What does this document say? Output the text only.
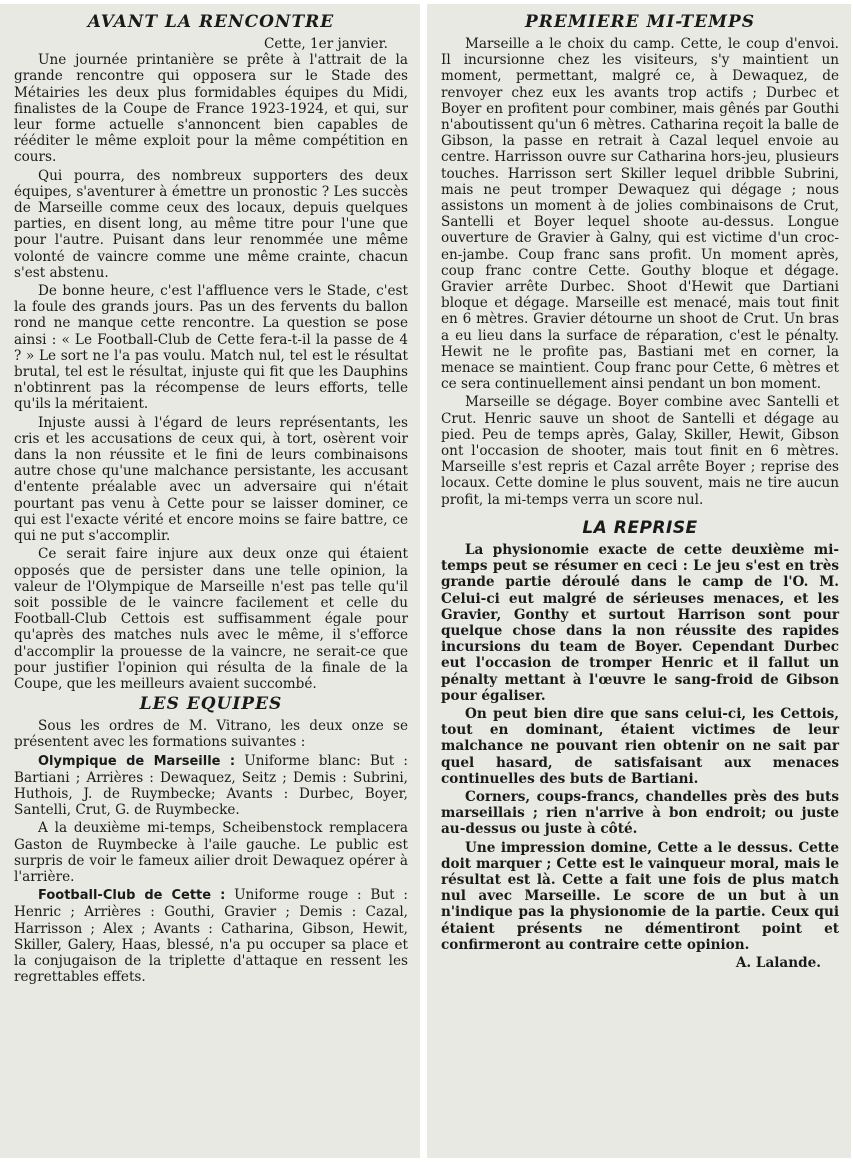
AVANT LA RENCONTRE

Cette, 1er janvier.

Une journée printanière se prête à l'attrait de la grande rencontre qui opposera sur le Stade des Métairies les deux plus formidables équipes du Midi, finalistes de la Coupe de France 1923-1924, et qui, sur leur forme actuelle s'annoncent bien capables de rééditer le même exploit pour la même compétition en cours.

Qui pourra, des nombreux supporters des deux équipes, s'aventurer à émettre un pronostic ? Les succès de Marseille comme ceux des locaux, depuis quelques parties, en disent long, au même titre pour l'une que pour l'autre. Puisant dans leur renommée une même volonté de vaincre comme une même crainte, chacun s'est abstenu.

De bonne heure, c'est l'affluence vers le Stade, c'est la foule des grands jours. Pas un des fervents du ballon rond ne manque cette rencontre. La question se pose ainsi : « Le Football-Club de Cette fera-t-il la passe de 4 ? » Le sort ne l'a pas voulu. Match nul, tel est le résultat brutal, tel est le résultat, injuste qui fit que les Dauphins n'obtinrent pas la récompense de leurs efforts, telle qu'ils la méritaient.

Injuste aussi à l'égard de leurs représentants, les cris et les accusations de ceux qui, à tort, osèrent voir dans la non réussite et le fini de leurs combinaisons autre chose qu'une malchance persistante, les accusant d'entente préalable avec un adversaire qui n'était pourtant pas venu à Cette pour se laisser dominer, ce qui est l'exacte vérité et encore moins se faire battre, ce qui ne put s'accomplir.

Ce serait faire injure aux deux onze qui étaient opposés que de persister dans une telle opinion, la valeur de l'Olympique de Marseille n'est pas telle qu'il soit possible de le vaincre facilement et celle du Football-Club Cettois est suffisamment égale pour qu'après des matches nuls avec le même, il s'efforce d'accomplir la prouesse de la vaincre, ne serait-ce que pour justifier l'opinion qui résulta de la finale de la Coupe, que les meilleurs avaient succombé.

LES EQUIPES

Sous les ordres de M. Vitrano, les deux onze se présentent avec les formations suivantes :

Olympique de Marseille : Uniforme blanc: But : Bartiani ; Arrières : Dewaquez, Seitz ; Demis : Subrini, Huthois, J. de Ruymbecke; Avants : Durbec, Boyer, Santelli, Crut, G. de Ruymbecke.

A la deuxième mi-temps, Scheibenstock remplacera Gaston de Ruymbecke à l'aile gauche. Le public est surpris de voir le fameux ailier droit Dewaquez opérer à l'arrière.

Football-Club de Cette : Uniforme rouge : But : Henric ; Arrières : Gouthi, Gravier ; Demis : Cazal, Harrisson ; Alex ; Avants : Catharina, Gibson, Hewit, Skiller, Galery, Haas, blessé, n'a pu occuper sa place et la conjugaison de la triplette d'attaque en ressent les regrettables effets.

PREMIERE MI-TEMPS

Marseille a le choix du camp. Cette, le coup d'envoi. Il incursionne chez les visiteurs, s'y maintient un moment, permettant, malgré ce, à Dewaquez, de renvoyer chez eux les avants trop actifs ; Durbec et Boyer en profitent pour combiner, mais gênés par Gouthi n'aboutissent qu'un 6 mètres. Catharina reçoit la balle de Gibson, la passe en retrait à Cazal lequel envoie au centre. Harrisson ouvre sur Catharina hors-jeu, plusieurs touches. Harrisson sert Skiller lequel dribble Subrini, mais ne peut tromper Dewaquez qui dégage ; nous assistons un moment à de jolies combinaisons de Crut, Santelli et Boyer lequel shoote au-dessus. Longue ouverture de Gravier à Galny, qui est victime d'un croc-en-jambe. Coup franc sans profit. Un moment après, coup franc contre Cette. Gouthy bloque et dégage. Gravier arrête Durbec. Shoot d'Hewit que Dartiani bloque et dégage. Marseille est menacé, mais tout finit en 6 mètres. Gravier détourne un shoot de Crut. Un bras a eu lieu dans la surface de réparation, c'est le pénalty. Hewit ne le profite pas, Bastiani met en corner, la menace se maintient. Coup franc pour Cette, 6 mètres et ce sera continuellement ainsi pendant un bon moment.

Marseille se dégage. Boyer combine avec Santelli et Crut. Henric sauve un shoot de Santelli et dégage au pied. Peu de temps après, Galay, Skiller, Hewit, Gibson ont l'occasion de shooter, mais tout finit en 6 mètres. Marseille s'est repris et Cazal arrête Boyer ; reprise des locaux. Cette domine le plus souvent, mais ne tire aucun profit, la mi-temps verra un score nul.

LA REPRISE

La physionomie exacte de cette deuxième mi-temps peut se résumer en ceci : Le jeu s'est en très grande partie déroulé dans le camp de l'O. M. Celui-ci eut malgré de sérieuses menaces, et les Gravier, Gonthy et surtout Harrison sont pour quelque chose dans la non réussite des rapides incursions du team de Boyer. Cependant Durbec eut l'occasion de tromper Henric et il fallut un pénalty mettant à l'œuvre le sang-froid de Gibson pour égaliser.

On peut bien dire que sans celui-ci, les Cettois, tout en dominant, étaient victimes de leur malchance ne pouvant rien obtenir on ne sait par quel hasard, de satisfaisant aux menaces continuelles des buts de Bartiani.

Corners, coups-francs, chandelles près des buts marseillais ; rien n'arrive à bon endroit; ou juste au-dessus ou juste à côté.

Une impression domine, Cette a le dessus. Cette doit marquer ; Cette est le vainqueur moral, mais le résultat est là. Cette a fait une fois de plus match nul avec Marseille. Le score de un but à un n'indique pas la physionomie de la partie. Ceux qui étaient présents ne démentiront point et confirmeront au contraire cette opinion.

A. Lalande.
